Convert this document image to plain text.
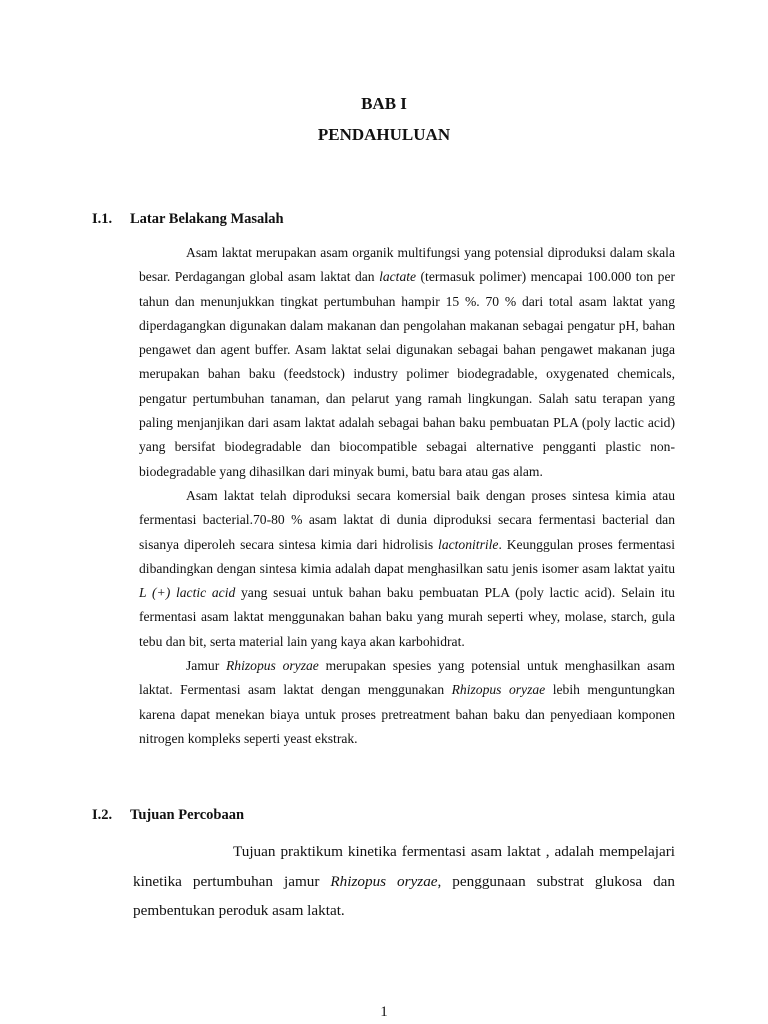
BAB I
PENDAHULUAN
I.1. Latar Belakang Masalah

Asam laktat merupakan asam organik multifungsi yang potensial diproduksi dalam skala besar. Perdagangan global asam laktat dan lactate (termasuk polimer) mencapai 100.000 ton per tahun dan menunjukkan tingkat pertumbuhan hampir 15 %. 70 % dari total asam laktat yang diperdagangkan digunakan dalam makanan dan pengolahan makanan sebagai pengatur pH, bahan pengawet dan agent buffer. Asam laktat selai digunakan sebagai bahan pengawet makanan juga merupakan bahan baku (feedstock) industry polimer biodegradable, oxygenated chemicals, pengatur pertumbuhan tanaman, dan pelarut yang ramah lingkungan. Salah satu terapan yang paling menjanjikan dari asam laktat adalah sebagai bahan baku pembuatan PLA (poly lactic acid) yang bersifat biodegradable dan biocompatible sebagai alternative pengganti plastic non-biodegradable yang dihasilkan dari minyak bumi, batu bara atau gas alam.

Asam laktat telah diproduksi secara komersial baik dengan proses sintesa kimia atau fermentasi bacterial.70-80 % asam laktat di dunia diproduksi secara fermentasi bacterial dan sisanya diperoleh secara sintesa kimia dari hidrolisis lactonitrile. Keunggulan proses fermentasi dibandingkan dengan sintesa kimia adalah dapat menghasilkan satu jenis isomer asam laktat yaitu L (+) lactic acid yang sesuai untuk bahan baku pembuatan PLA (poly lactic acid). Selain itu fermentasi asam laktat menggunakan bahan baku yang murah seperti whey, molase, starch, gula tebu dan bit, serta material lain yang kaya akan karbohidrat.

Jamur Rhizopus oryzae merupakan spesies yang potensial untuk menghasilkan asam laktat. Fermentasi asam laktat dengan menggunakan Rhizopus oryzae lebih menguntungkan karena dapat menekan biaya untuk proses pretreatment bahan baku dan penyediaan komponen nitrogen kompleks seperti yeast ekstrak.

I.2. Tujuan Percobaan

Tujuan praktikum kinetika fermentasi asam laktat , adalah mempelajari kinetika pertumbuhan jamur Rhizopus oryzae, penggunaan substrat glukosa dan pembentukan peroduk asam laktat.

1
